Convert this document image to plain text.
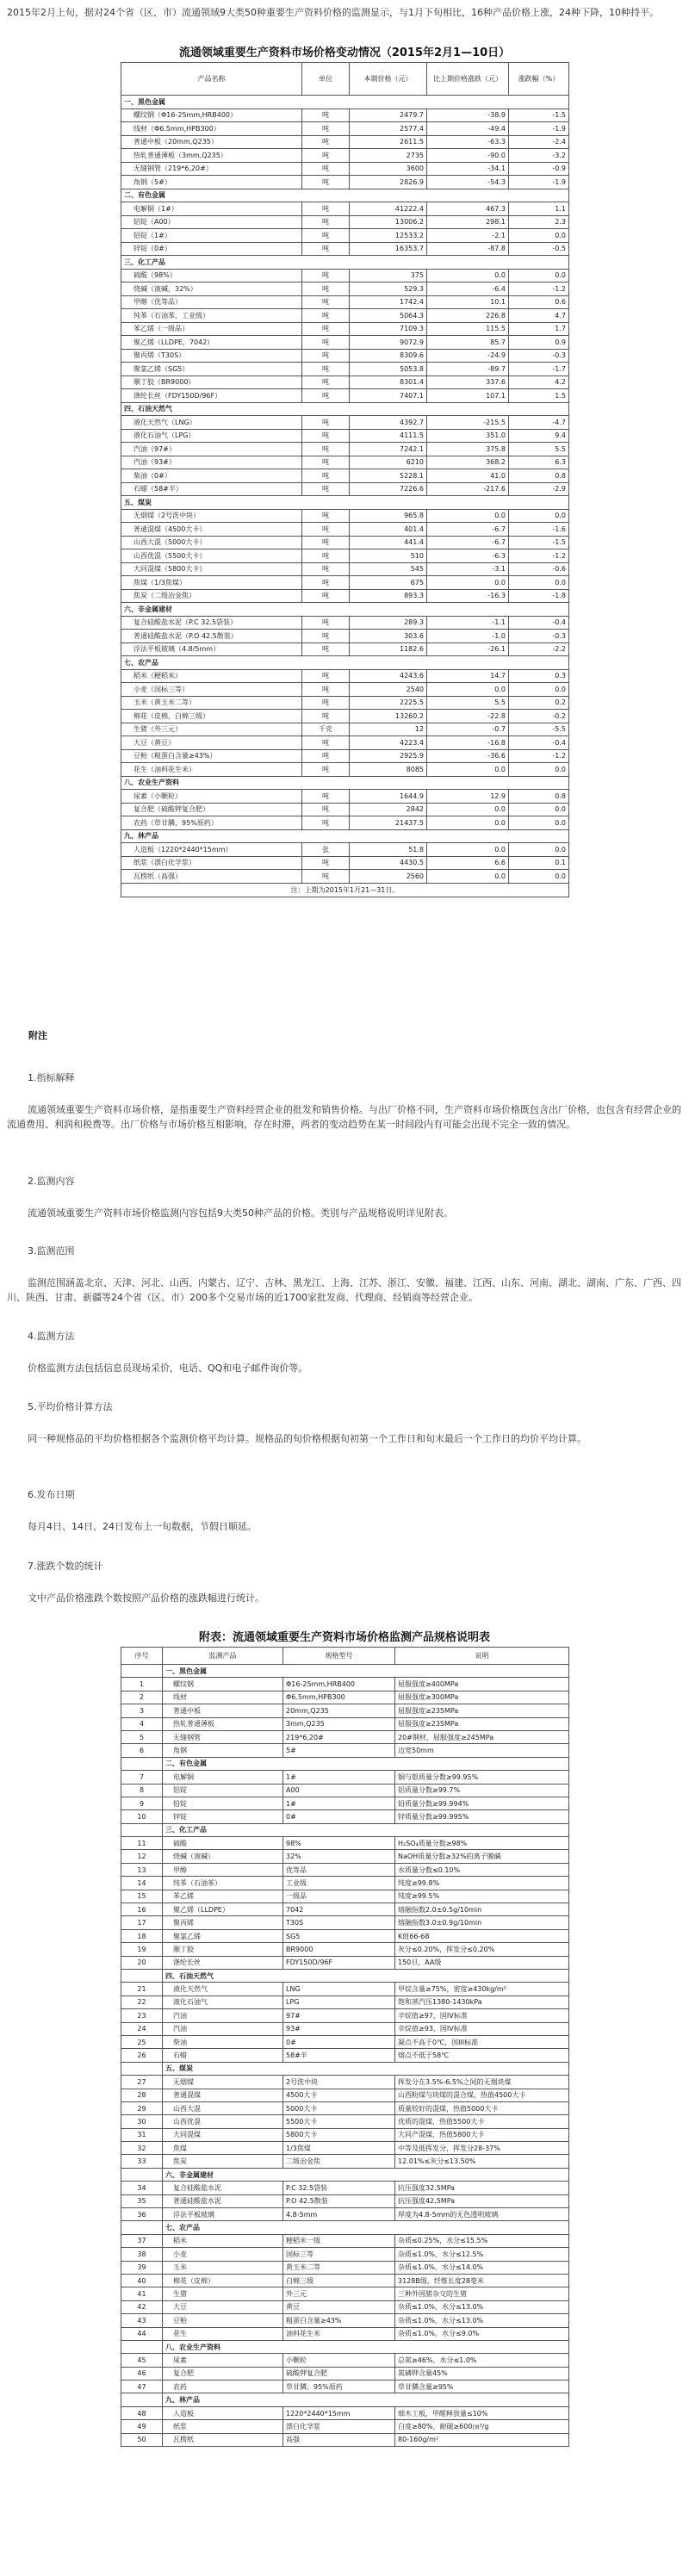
2015年2月上旬，据对24个省（区、市）流通领域9大类50种重要生产资料价格的监测显示，与1月下旬相比，16种产品价格上涨，24种下降，10种持平。
流通领域重要生产资料市场价格变动情况（2015年2月1—10日）
产品名称	单位	本期价格（元）	比上期价格涨跌（元）	涨跌幅（%）
一、黑色金属				
螺纹钢（Φ16-25mm,HRB400）	吨	2479.7	-38.9	-1.5
线材（Φ6.5mm,HPB300）	吨	2577.4	-49.4	-1.9
普通中板（20mm,Q235）	吨	2611.5	-63.3	-2.4
热轧普通薄板（3mm,Q235）	吨	2735	-90.0	-3.2
无缝钢管（219*6,20#）	吨	3600	-34.1	-0.9
角钢（5#）	吨	2826.9	-54.3	-1.9
二、有色金属				
电解铜（1#）	吨	41222.4	467.3	1.1
铝锭（A00）	吨	13006.2	298.1	2.3
铅锭（1#）	吨	12533.2	-2.1	0.0
锌锭（0#）	吨	16353.7	-87.8	-0.5
三、化工产品				
硫酸（98%）	吨	375	0.0	0.0
烧碱（液碱，32%）	吨	529.3	-6.4	-1.2
甲醇（优等品）	吨	1742.4	10.1	0.6
纯苯（石油苯，工业级）	吨	5064.3	226.8	4.7
苯乙烯（一级品）	吨	7109.3	115.5	1.7
聚乙烯（LLDPE，7042）	吨	9072.9	85.7	0.9
聚丙烯（T30S）	吨	8309.6	-24.9	-0.3
聚氯乙烯（SG5）	吨	5053.8	-89.7	-1.7
顺丁胶（BR9000）	吨	8301.4	337.6	4.2
涤纶长丝（FDY150D/96F）	吨	7407.1	107.1	1.5
四、石油天然气				
液化天然气（LNG）	吨	4392.7	-215.5	-4.7
液化石油气（LPG）	吨	4111.5	351.0	9.4
汽油（97#）	吨	7242.1	375.8	5.5
汽油（93#）	吨	6210	368.2	6.3
柴油（0#）	吨	5228.1	41.0	0.8
石蜡（58#半）	吨	7226.6	-217.6	-2.9
五、煤炭				
无烟煤（2号洗中块）	吨	965.8	0.0	0.0
普通混煤（4500大卡）	吨	401.4	-6.7	-1.6
山西大混（5000大卡）	吨	441.4	-6.7	-1.5
山西优混（5500大卡）	吨	510	-6.3	-1.2
大同混煤（5800大卡）	吨	545	-3.1	-0.6
焦煤（1/3焦煤）	吨	675	0.0	0.0
焦炭（二级冶金焦）	吨	893.3	-16.3	-1.8
六、非金属建材				
复合硅酸盐水泥（P.C 32.5袋装）	吨	289.3	-1.1	-0.4
普通硅酸盐水泥（P.O 42.5散装）	吨	303.6	-1.0	-0.3
浮法平板玻璃（4.8/5mm）	吨	1182.6	-26.1	-2.2
七、农产品				
稻米（粳稻米）	吨	4243.6	14.7	0.3
小麦（国标三等）	吨	2540	0.0	0.0
玉米（黄玉米二等）	吨	2225.5	5.5	0.2
棉花（皮棉，白棉三级）	吨	13260.2	-22.8	-0.2
生猪（外三元）	千克	12	-0.7	-5.5
大豆（黄豆）	吨	4223.4	-16.8	-0.4
豆粕（粗蛋白含量≥43%）	吨	2925.9	-36.6	-1.2
花生（油料花生米）	吨	8085	0.0	0.0
八、农业生产资料				
尿素（小颗粒）	吨	1644.9	12.9	0.8
复合肥（硫酸钾复合肥）	吨	2842	0.0	0.0
农药（草甘膦，95%原药）	吨	21437.5	0.0	0.0
九、林产品				
人造板（1220*2440*15mm）	张	51.8	0.0	0.0
纸浆（漂白化学浆）	吨	4430.5	6.6	0.1
瓦楞纸（高强）	吨	2560	0.0	0.0
注：上期为2015年1月21—31日。				
附注

1.指标解释

流通领域重要生产资料市场价格，是指重要生产资料经营企业的批发和销售价格。与出厂价格不同，生产资料市场价格既包含出厂价格，也包含有经营企业的流通费用、利润和税费等。出厂价格与市场价格互相影响，存在时滞，两者的变动趋势在某一时间段内有可能会出现不完全一致的情况。

2.监测内容

流通领域重要生产资料市场价格监测内容包括9大类50种产品的价格。类别与产品规格说明详见附表。

3.监测范围

监测范围涵盖北京、天津、河北、山西、内蒙古、辽宁、吉林、黑龙江、上海、江苏、浙江、安徽、福建、江西、山东、河南、湖北、湖南、广东、广西、四川、陕西、甘肃、新疆等24个省（区、市）200多个交易市场的近1700家批发商、代理商、经销商等经营企业。

4.监测方法

价格监测方法包括信息员现场采价，电话、QQ和电子邮件询价等。

5.平均价格计算方法

同一种规格品的平均价格根据各个监测价格平均计算。规格品的旬价格根据旬初第一个工作日和旬末最后一个工作日的均价平均计算。

6.发布日期

每月4日、14日、24日发布上一旬数据，节假日顺延。

7.涨跌个数的统计

文中产品价格涨跌个数按照产品价格的涨跌幅进行统计。

附表：流通领域重要生产资料市场价格监测产品规格说明表
序号	监测产品	规格型号	说明
	一、黑色金属		
1	螺纹钢	Φ16-25mm,HRB400	屈服强度≥400MPa
2	线材	Φ6.5mm,HPB300	屈服强度≥300MPa
3	普通中板	20mm,Q235	屈服强度≥235MPa
4	热轧普通薄板	3mm,Q235	屈服强度≥235MPa
5	无缝钢管	219*6,20#	20#钢材，屈服强度≥245MPa
6	角钢	5#	边宽50mm
	二、有色金属		
7	电解铜	1#	铜与银质量分数≥99.95%
8	铝锭	A00	铝质量分数≥99.7%
9	铅锭	1#	铅质量分数≥99.994%
10	锌锭	0#	锌质量分数≥99.995%
	三、化工产品		
11	硫酸	98%	H₂SO₄质量分数≥98%
12	烧碱（液碱）	32%	NaOH质量分数≥32%的离子膜碱
13	甲醇	优等品	水质量分数≤0.10%
14	纯苯（石油苯）	工业级	纯度≥99.8%
15	苯乙烯	一级品	纯度≥99.5%
16	聚乙烯（LLDPE）	7042	熔融指数2.0±0.5g/10min
17	聚丙烯	T30S	熔融指数3.0±0.9g/10min
18	聚氯乙烯	SG5	K值66-68
19	顺丁胶	BR9000	灰分≤0.20%，挥发分≤0.20%
20	涤纶长丝	FDY150D/96F	150旦，AA级
	四、石油天然气		
21	液化天然气	LNG	甲烷含量≥75%，密度≥430kg/m³
22	液化石油气	LPG	饱和蒸汽压1380-1430kPa
23	汽油	97#	辛烷值≥97，国IV标准
24	汽油	93#	辛烷值≥93，国IV标准
25	柴油	0#	凝点不高于0℃，国III标准
26	石蜡	58#半	熔点不低于58℃
	五、煤炭		
27	无烟煤	2号洗中块	挥发分在3.5%-6.5%之间的无烟块煤
28	普通混煤	4500大卡	山西粉煤与块煤的混合煤，热值4500大卡
29	山西大混	5000大卡	质量较好的混煤，热值5000大卡
30	山西优混	5500大卡	优质的混煤，热值5500大卡
31	大同混煤	5800大卡	大同产混煤，热值5800大卡
32	焦煤	1/3焦煤	中等及低挥发分，挥发分28-37%
33	焦炭	二级冶金焦	12.01%≤灰分≤13.50%
	六、非金属建材		
34	复合硅酸盐水泥	P.C 32.5袋装	抗压强度32.5MPa
35	普通硅酸盐水泥	P.O 42.5散装	抗压强度42.5MPa
36	浮法平板玻璃	4.8-5mm	厚度为4.8-5mm的无色透明玻璃
	七、农产品		
37	稻米	粳稻米一级	杂质≤0.25%，水分≤15.5%
38	小麦	国标三等	杂质≤1.0%，水分≤12.5%
39	玉米	黄玉米二等	杂质≤1.0%，水分≤14.0%
40	棉花（皮棉）	白棉三级	3128B级，纤维长度28毫米
41	生猪	外三元	三种外国猪杂交的生猪
42	大豆	黄豆	杂质≤1.0%，水分≤13.0%
43	豆粕	粗蛋白含量≥43%	杂质≤1.0%，水分≤13.0%
44	花生	油料花生米	杂质≤1.0%，水分≤9.0%
	八、农业生产资料		
45	尿素	小颗粒	总氮≥46%，水分≤1.0%
46	复合肥	硫酸钾复合肥	氮磷钾含量45%
47	农药	草甘膦，95%原药	草甘膦含量≥95%
	九、林产品		
48	人造板	1220*2440*15mm	细木工板，甲醛释放量≤10%
49	纸浆	漂白化学浆	白度≥80%，耐破≥600㎝³/g
50	瓦楞纸	高强	80-160g/m²
